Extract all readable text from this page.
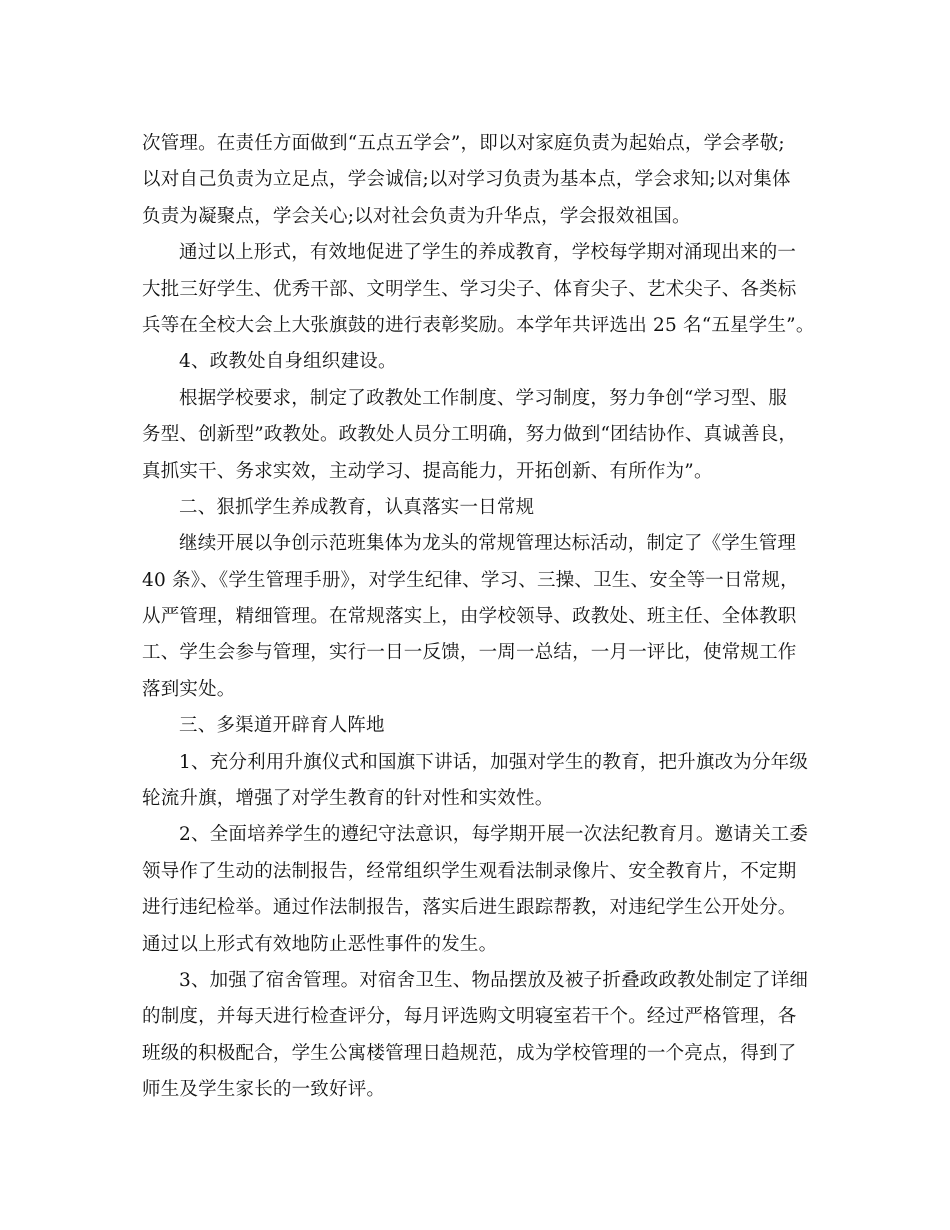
次管理。在责任方面做到“五点五学会”，即以对家庭负责为起始点，学会孝敬;
以对自己负责为立足点，学会诚信;以对学习负责为基本点，学会求知;以对集体
负责为凝聚点，学会关心;以对社会负责为升华点，学会报效祖国。
通过以上形式，有效地促进了学生的养成教育，学校每学期对涌现出来的一
大批三好学生、优秀干部、文明学生、学习尖子、体育尖子、艺术尖子、各类标
兵等在全校大会上大张旗鼓的进行表彰奖励。本学年共评选出 25 名“五星学生”。
4、政教处自身组织建设。
根据学校要求，制定了政教处工作制度、学习制度，努力争创“学习型、服
务型、创新型”政教处。政教处人员分工明确，努力做到“团结协作、真诚善良，
真抓实干、务求实效，主动学习、提高能力，开拓创新、有所作为”。
二、狠抓学生养成教育，认真落实一日常规
继续开展以争创示范班集体为龙头的常规管理达标活动，制定了《学生管理
40 条》、《学生管理手册》，对学生纪律、学习、三操、卫生、安全等一日常规，
从严管理，精细管理。在常规落实上，由学校领导、政教处、班主任、全体教职
工、学生会参与管理，实行一日一反馈，一周一总结，一月一评比，使常规工作
落到实处。
三、多渠道开辟育人阵地
1、充分利用升旗仪式和国旗下讲话，加强对学生的教育，把升旗改为分年级
轮流升旗，增强了对学生教育的针对性和实效性。
2、全面培养学生的遵纪守法意识，每学期开展一次法纪教育月。邀请关工委
领导作了生动的法制报告，经常组织学生观看法制录像片、安全教育片，不定期
进行违纪检举。通过作法制报告，落实后进生跟踪帮教，对违纪学生公开处分。
通过以上形式有效地防止恶性事件的发生。
3、加强了宿舍管理。对宿舍卫生、物品摆放及被子折叠政政教处制定了详细
的制度，并每天进行检查评分，每月评选购文明寝室若干个。经过严格管理，各
班级的积极配合，学生公寓楼管理日趋规范，成为学校管理的一个亮点，得到了
师生及学生家长的一致好评。
